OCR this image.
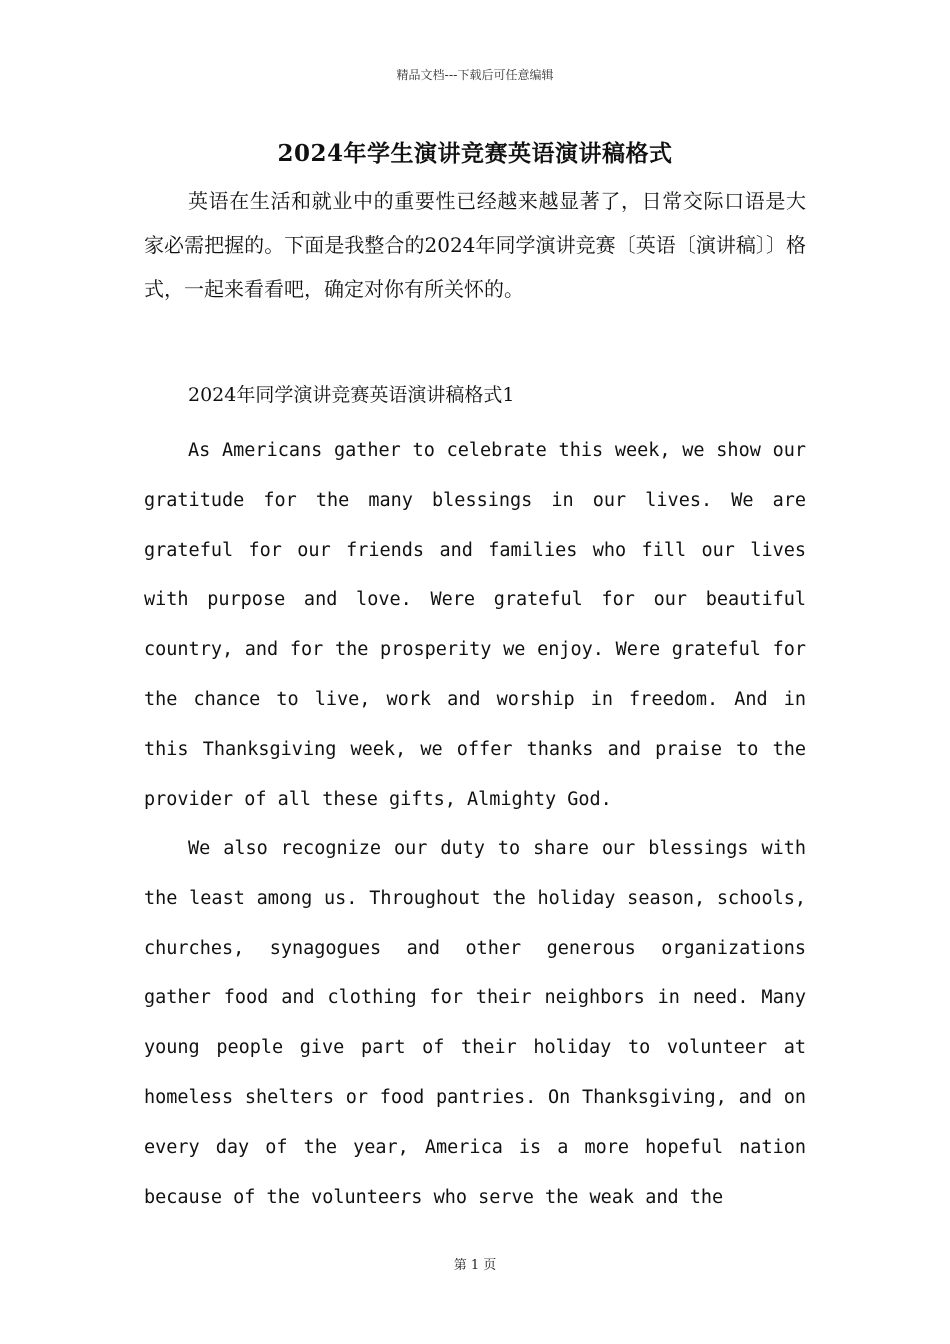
精品文档---下载后可任意编辑
2024年学生演讲竞赛英语演讲稿格式

英语在生活和就业中的重要性已经越来越显著了，日常交际口语是大家必需把握的。下面是我整合的2024年同学演讲竞赛〔英语〔演讲稿〕〕格式，一起来看看吧，确定对你有所关怀的。

2024年同学演讲竞赛英语演讲稿格式1

As Americans gather to celebrate this week, we show our gratitude for the many blessings in our lives. We are grateful for our friends and families who fill our lives with purpose and love. Were grateful for our beautiful country, and for the prosperity we enjoy. Were grateful for the chance to live, work and worship in freedom. And in this Thanksgiving week, we offer thanks and praise to the provider of all these gifts, Almighty God.

We also recognize our duty to share our blessings with the least among us. Throughout the holiday season, schools, churches, synagogues and other generous organizations gather food and clothing for their neighbors in need. Many young people give part of their holiday to volunteer at homeless shelters or food pantries. On Thanksgiving, and on every day of the year, America is a more hopeful nation because of the volunteers who serve the weak and the

第 1 页
